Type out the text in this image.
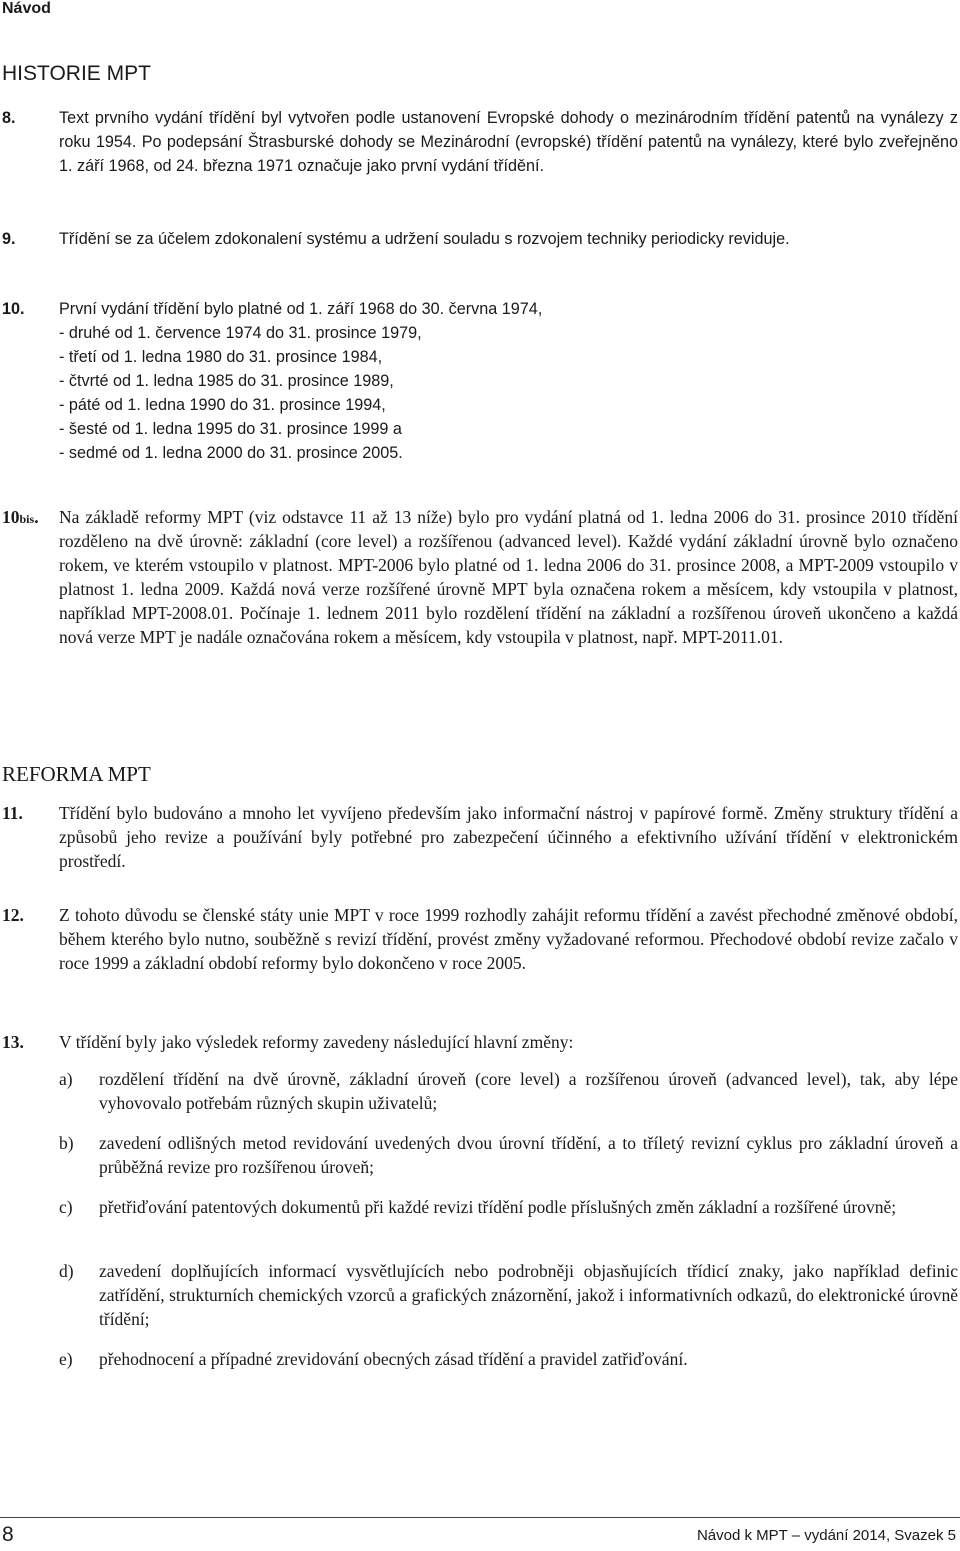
Návod
HISTORIE MPT
8.	Text prvního vydání třídění byl vytvořen podle ustanovení Evropské dohody o mezinárodním třídění patentů na vynálezy z roku 1954. Po podepsání Štrasburské dohody se Mezinárodní (evropské) třídění patentů na vynálezy, které bylo zveřejněno 1. září 1968, od 24. března 1971 označuje jako první vydání třídění.
9.	Třídění se za účelem zdokonalení systému a udržení souladu s rozvojem techniky periodicky reviduje.
10. První vydání třídění bylo platné od 1. září 1968 do 30. června 1974,
- druhé od 1. července 1974 do 31. prosince 1979,
- třetí od 1. ledna 1980 do 31. prosince 1984,
- čtvrté od 1. ledna 1985 do 31. prosince 1989,
- páté od 1. ledna 1990 do 31. prosince 1994,
- šesté od 1. ledna 1995 do 31. prosince 1999 a
- sedmé od 1. ledna 2000 do 31. prosince 2005.
10bis. Na základě reformy MPT (viz odstavce 11 až 13 níže) bylo pro vydání platná od 1. ledna 2006 do 31. prosince 2010 třídění rozděleno na dvě úrovně: základní (core level) a rozšířenou (advanced level). Každé vydání základní úrovně bylo označeno rokem, ve kterém vstoupilo v platnost. MPT-2006 bylo platné od 1. ledna 2006 do 31. prosince 2008, a MPT-2009 vstoupilo v platnost 1. ledna 2009. Každá nová verze rozšířené úrovně MPT byla označena rokem a měsícem, kdy vstoupila v platnost, například MPT-2008.01. Počínaje 1. lednem 2011 bylo rozdělení třídění na základní a rozšířenou úroveň ukončeno a každá nová verze MPT je nadále označována rokem a měsícem, kdy vstoupila v platnost, např. MPT-2011.01.
REFORMA MPT
11. Třídění bylo budováno a mnoho let vyvíjeno především jako informační nástroj v papírové formě. Změny struktury třídění a způsobů jeho revize a používání byly potřebné pro zabezpečení účinného a efektivního užívání třídění v elektronickém prostředí.
12. Z tohoto důvodu se členské státy unie MPT v roce 1999 rozhodly zahájit reformu třídění a zavést přechodné změnové období, během kterého bylo nutno, souběžně s revizí třídění, provést změny vyžadované reformou. Přechodové období revize začalo v roce 1999 a základní období reformy bylo dokončeno v roce 2005.
13. V třídění byly jako výsledek reformy zavedeny následující hlavní změny:
a) rozdělení třídění na dvě úrovně, základní úroveň (core level) a rozšířenou úroveň (advanced level), tak, aby lépe vyhovovalo potřebám různých skupin uživatelů;
b) zavedení odlišných metod revidování uvedených dvou úrovní třídění, a to tříletý revizní cyklus pro základní úroveň a průběžná revize pro rozšířenou úroveň;
c) přetřiďování patentových dokumentů při každé revizi třídění podle příslušných změn základní a rozšířené úrovně;
d) zavedení doplňujících informací vysvětlujících nebo podrobněji objasňujících třídicí znaky, jako například definic zatřídění, strukturních chemických vzorců a grafických znázornění, jakož i informativních odkazů, do elektronické úrovně třídění;
e) přehodnocení a případné zrevidování obecných zásad třídění a pravidel zatřiďování.
8	Návod k MPT – vydání 2014, Svazek 5
